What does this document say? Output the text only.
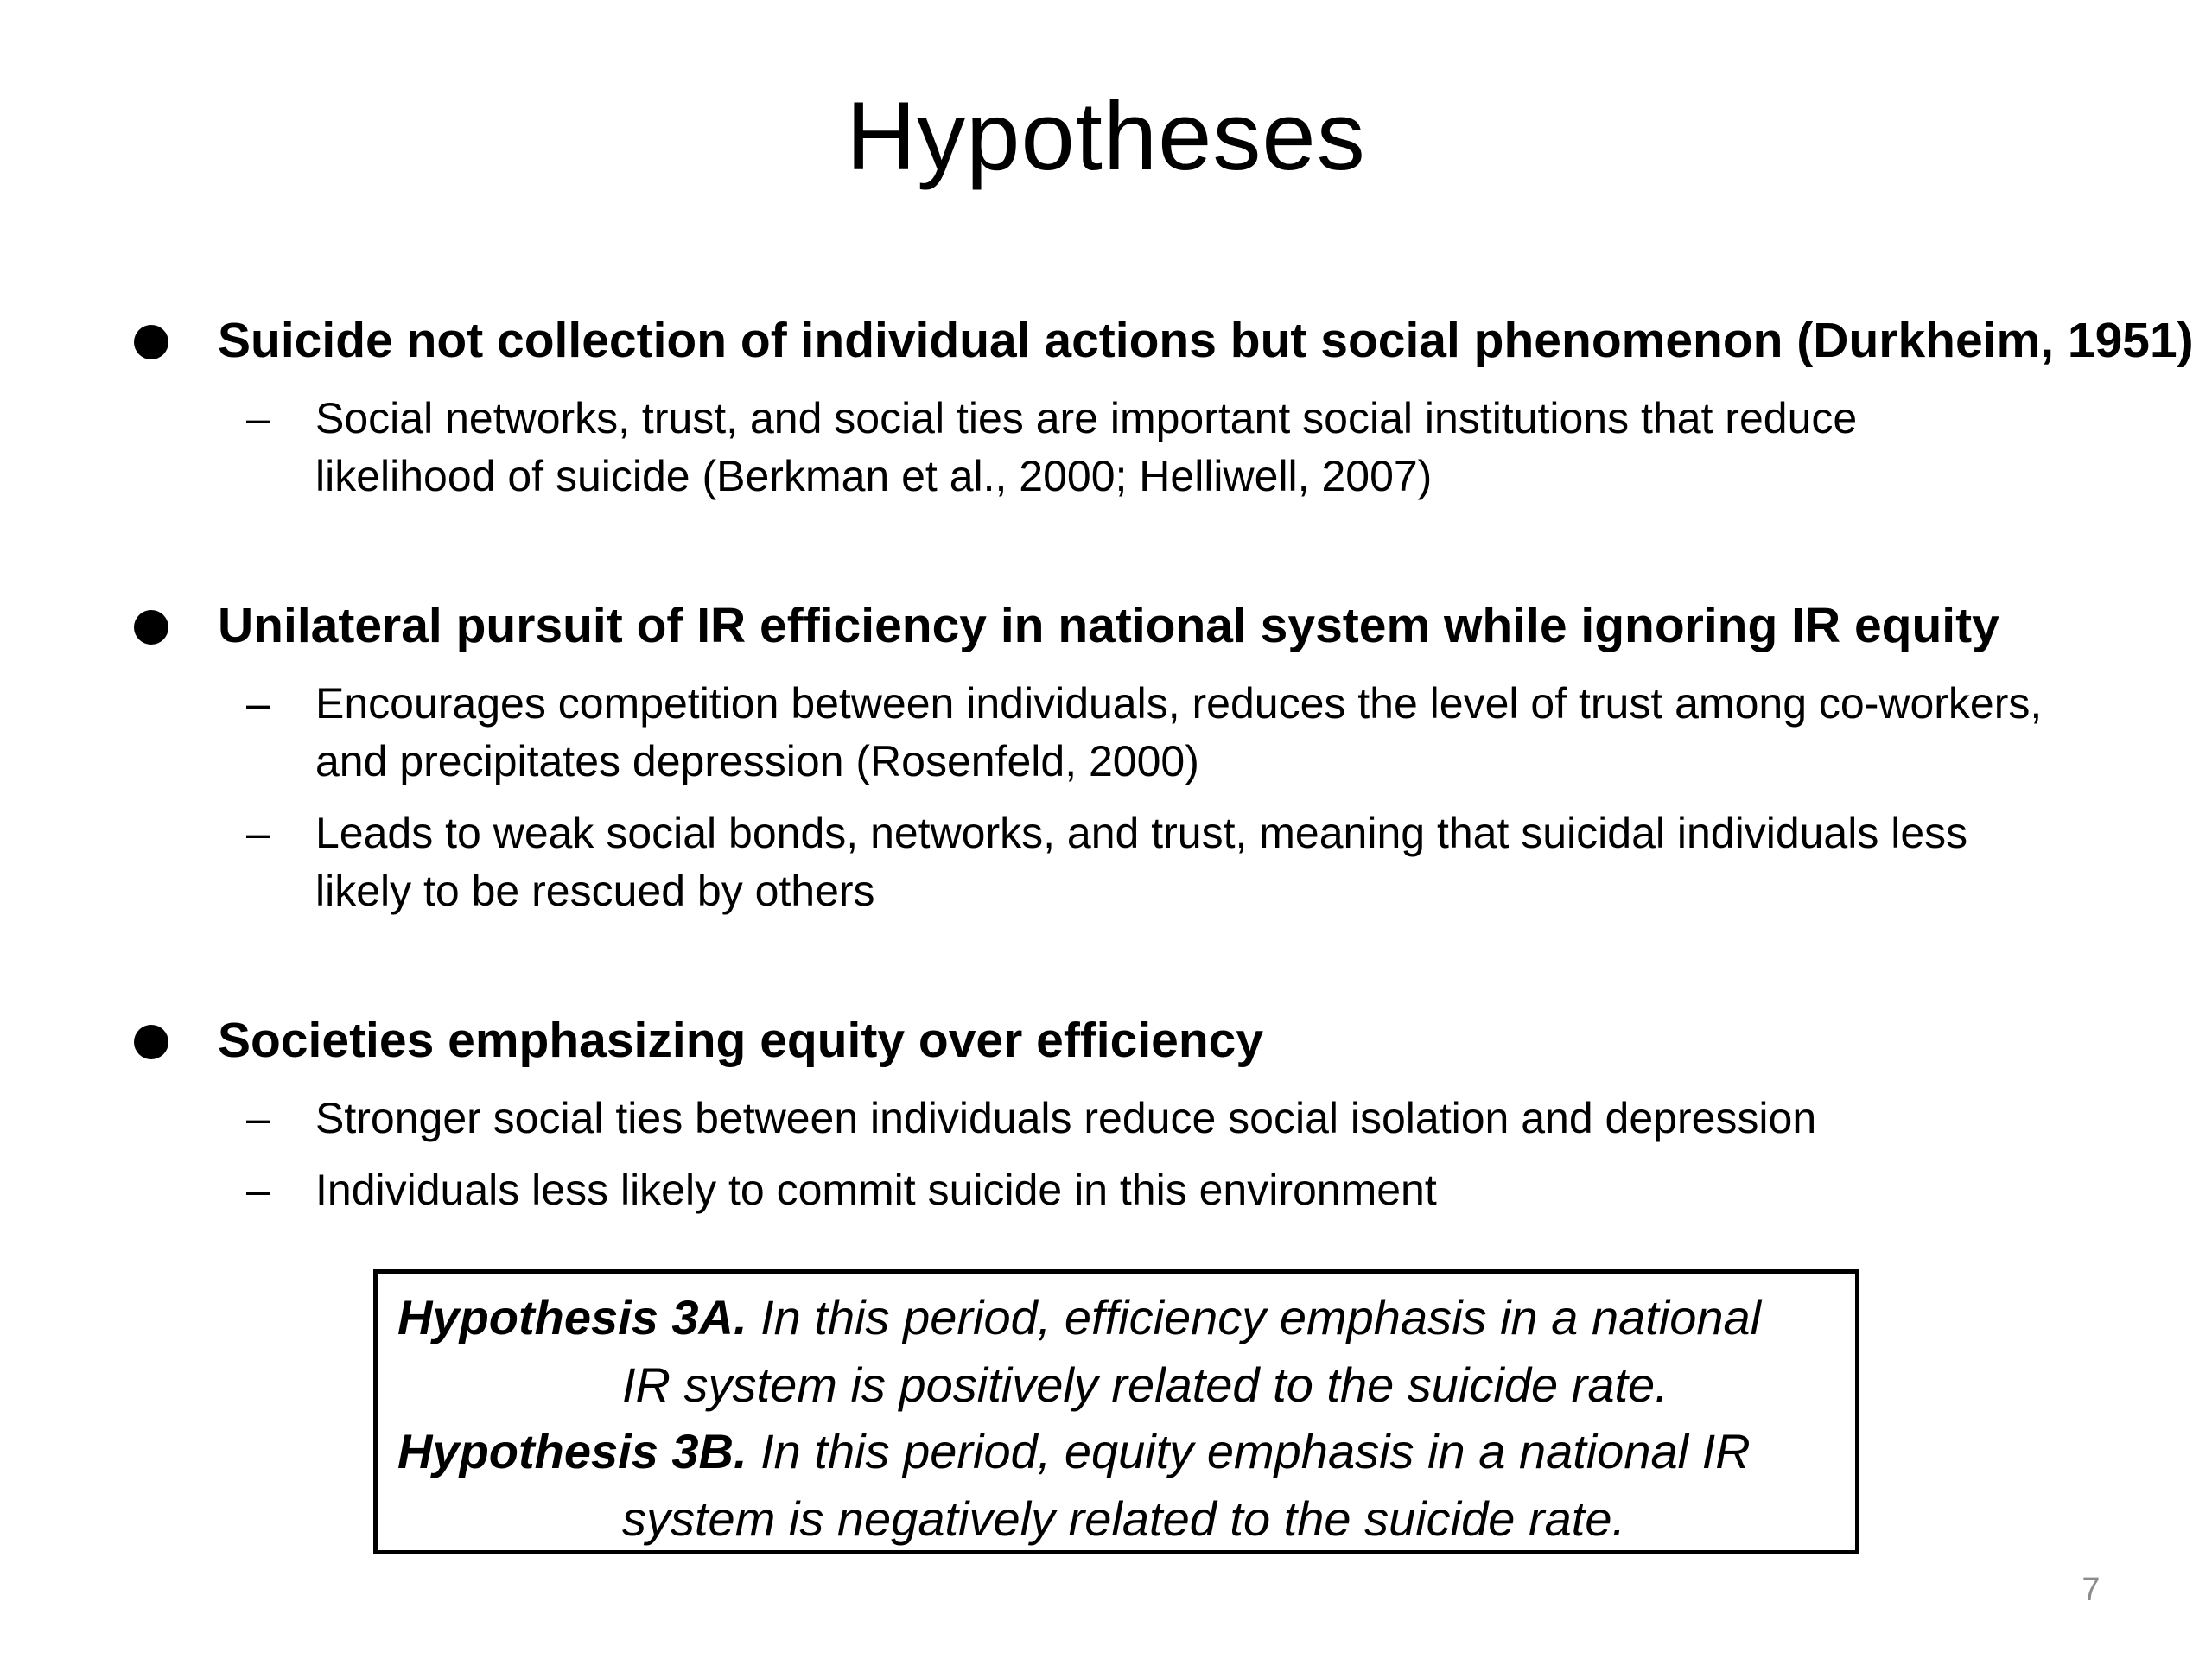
Hypotheses
Suicide not collection of individual actions but social phenomenon (Durkheim, 1951)
– Social networks, trust, and social ties are important social institutions that reduce
likelihood of suicide (Berkman et al., 2000; Helliwell, 2007)
Unilateral pursuit of IR efficiency in national system while ignoring IR equity
– Encourages competition between individuals, reduces the level of trust among co-workers,
and precipitates depression (Rosenfeld, 2000)
– Leads to weak social bonds, networks, and trust, meaning that suicidal individuals less
likely to be rescued by others
Societies emphasizing equity over efficiency
– Stronger social ties between individuals reduce social isolation and depression
– Individuals less likely to commit suicide in this environment
Hypothesis 3A. In this period, efficiency emphasis in a national
IR system is positively related to the suicide rate.
Hypothesis 3B. In this period, equity emphasis in a national IR
system is negatively related to the suicide rate.
7
